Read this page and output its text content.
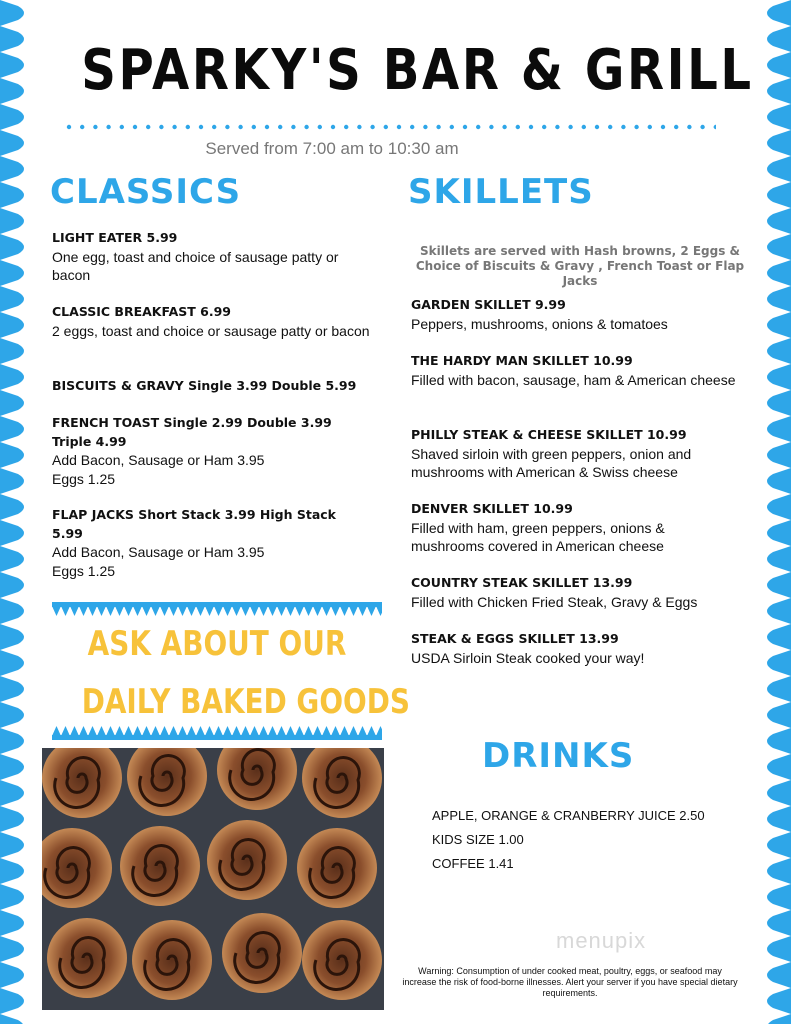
SPARKY'S BAR & GRILL
Served from 7:00 am to 10:30 am
CLASSICS
LIGHT EATER 5.99
One egg, toast and choice of sausage patty or bacon
CLASSIC BREAKFAST 6.99
2 eggs, toast and choice or sausage patty or bacon
BISCUITS & GRAVY Single 3.99 Double 5.99
FRENCH TOAST Single 2.99 Double 3.99 Triple 4.99
Add Bacon, Sausage or Ham 3.95
Eggs 1.25
FLAP JACKS Short Stack 3.99 High Stack 5.99
Add Bacon, Sausage or Ham 3.95
Eggs 1.25
ASK ABOUT OUR
DAILY BAKED GOODS
SKILLETS
Skillets are served with Hash browns, 2 Eggs & Choice of Biscuits & Gravy , French Toast or Flap Jacks
GARDEN SKILLET 9.99
Peppers, mushrooms, onions & tomatoes
THE HARDY MAN SKILLET 10.99
Filled with bacon, sausage, ham & American cheese
PHILLY STEAK & CHEESE SKILLET 10.99
Shaved sirloin with green peppers, onion and mushrooms with American & Swiss cheese
DENVER SKILLET 10.99
Filled with ham, green peppers, onions & mushrooms covered in American cheese
COUNTRY STEAK SKILLET 13.99
Filled with Chicken Fried Steak, Gravy & Eggs
STEAK & EGGS SKILLET 13.99
USDA Sirloin Steak cooked your way!
DRINKS
APPLE, ORANGE & CRANBERRY JUICE 2.50
KIDS SIZE 1.00
COFFEE 1.41
menupix
Warning: Consumption of under cooked meat, poultry, eggs, or seafood may increase the risk of food-borne illnesses. Alert your server if you have special dietary requirements.
